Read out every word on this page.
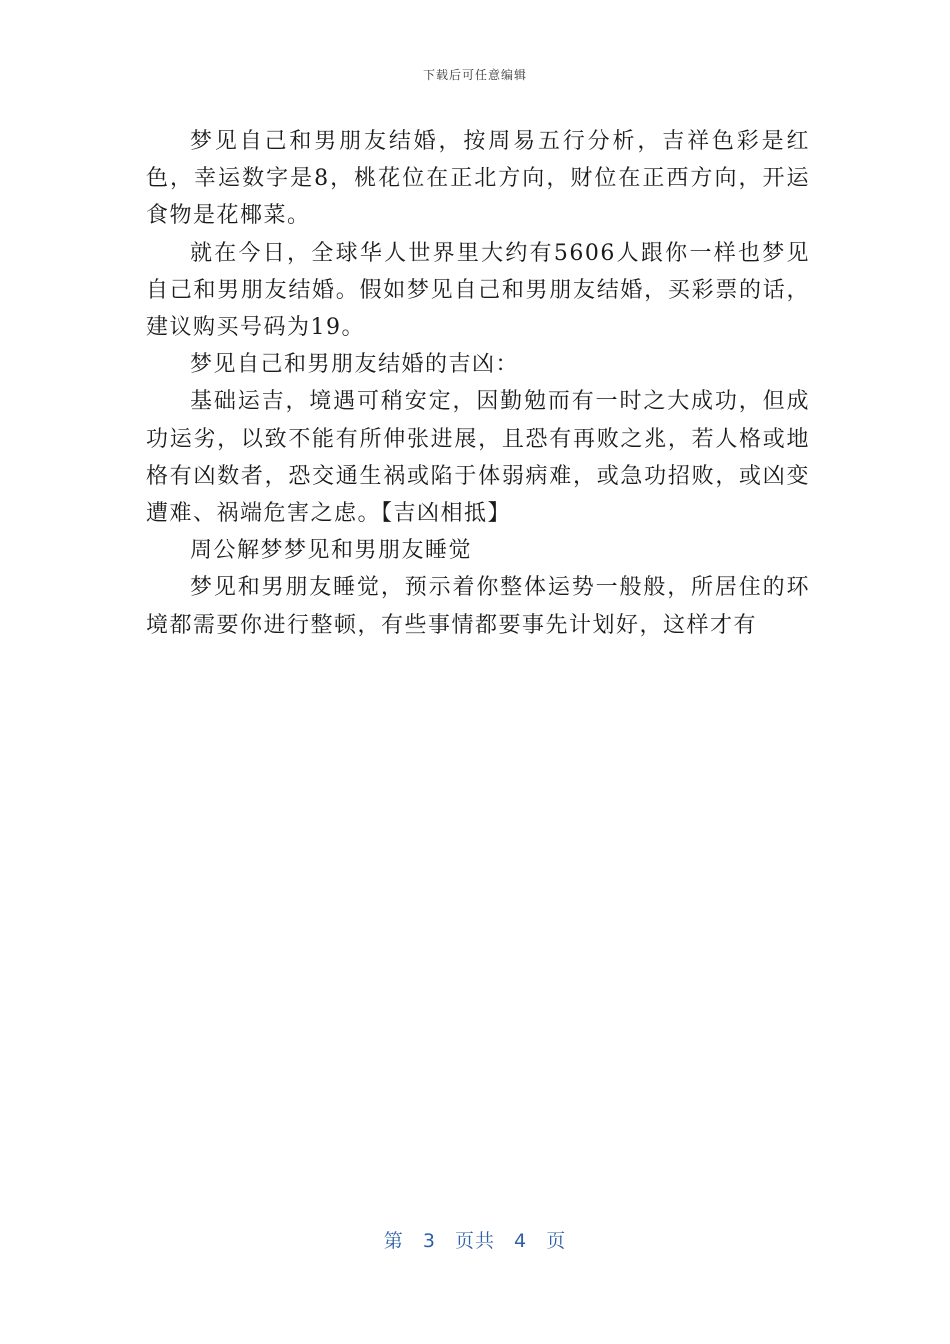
下载后可任意编辑

梦见自己和男朋友结婚，按周易五行分析，吉祥色彩是红色，幸运数字是8，桃花位在正北方向，财位在正西方向，开运食物是花椰菜。

就在今日，全球华人世界里大约有5606人跟你一样也梦见自己和男朋友结婚。假如梦见自己和男朋友结婚，买彩票的话，建议购买号码为19。

梦见自己和男朋友结婚的吉凶：

基础运吉，境遇可稍安定，因勤勉而有一时之大成功，但成功运劣，以致不能有所伸张进展，且恐有再败之兆，若人格或地格有凶数者，恐交通生祸或陷于体弱病难，或急功招败，或凶变遭难、祸端危害之虑。【吉凶相抵】

周公解梦梦见和男朋友睡觉

梦见和男朋友睡觉，预示着你整体运势一般般，所居住的环境都需要你进行整顿，有些事情都要事先计划好，这样才有

第 3 页共 4 页
